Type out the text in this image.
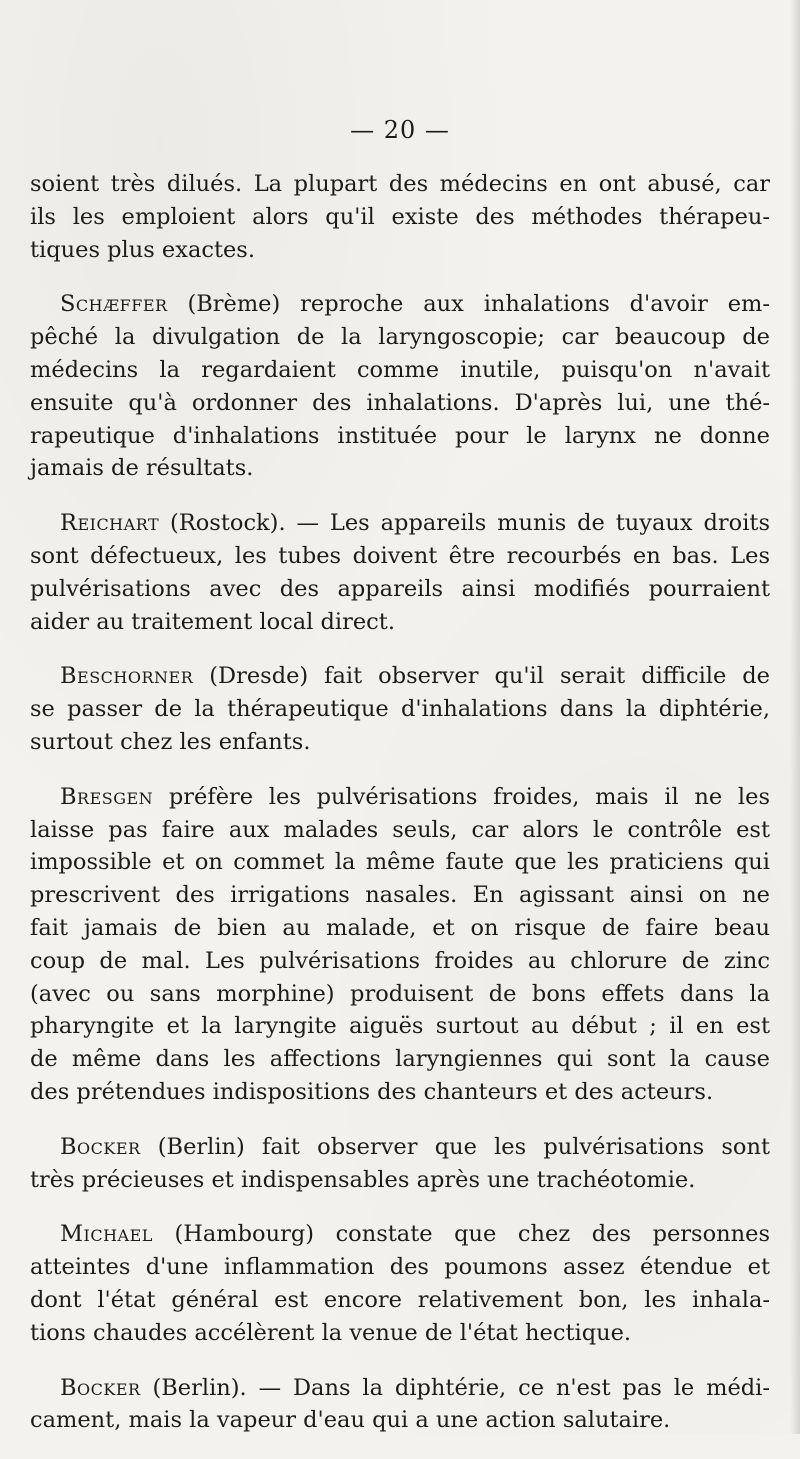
— 20 —

soient très dilués. La plupart des médecins en ont abusé, car
ils les emploient alors qu'il existe des méthodes thérapeu-
tiques plus exactes.

Schæffer (Brème) reproche aux inhalations d'avoir em-
pêché la divulgation de la laryngoscopie; car beaucoup de
médecins la regardaient comme inutile, puisqu'on n'avait
ensuite qu'à ordonner des inhalations. D'après lui, une thé-
rapeutique d'inhalations instituée pour le larynx ne donne
jamais de résultats.

Reichart (Rostock). — Les appareils munis de tuyaux droits
sont défectueux, les tubes doivent être recourbés en bas. Les
pulvérisations avec des appareils ainsi modifiés pourraient
aider au traitement local direct.

Beschorner (Dresde) fait observer qu'il serait difficile de
se passer de la thérapeutique d'inhalations dans la diphtérie,
surtout chez les enfants.

Bresgen préfère les pulvérisations froides, mais il ne les
laisse pas faire aux malades seuls, car alors le contrôle est
impossible et on commet la même faute que les praticiens qui
prescrivent des irrigations nasales. En agissant ainsi on ne
fait jamais de bien au malade, et on risque de faire beau
coup de mal. Les pulvérisations froides au chlorure de zinc
(avec ou sans morphine) produisent de bons effets dans la
pharyngite et la laryngite aiguës surtout au début ; il en est
de même dans les affections laryngiennes qui sont la cause
des prétendues indispositions des chanteurs et des acteurs.

Bocker (Berlin) fait observer que les pulvérisations sont
très précieuses et indispensables après une trachéotomie.

Michael (Hambourg) constate que chez des personnes
atteintes d'une inflammation des poumons assez étendue et
dont l'état général est encore relativement bon, les inhala-
tions chaudes accélèrent la venue de l'état hectique.

Bocker (Berlin). — Dans la diphtérie, ce n'est pas le médi-
cament, mais la vapeur d'eau qui a une action salutaire.
